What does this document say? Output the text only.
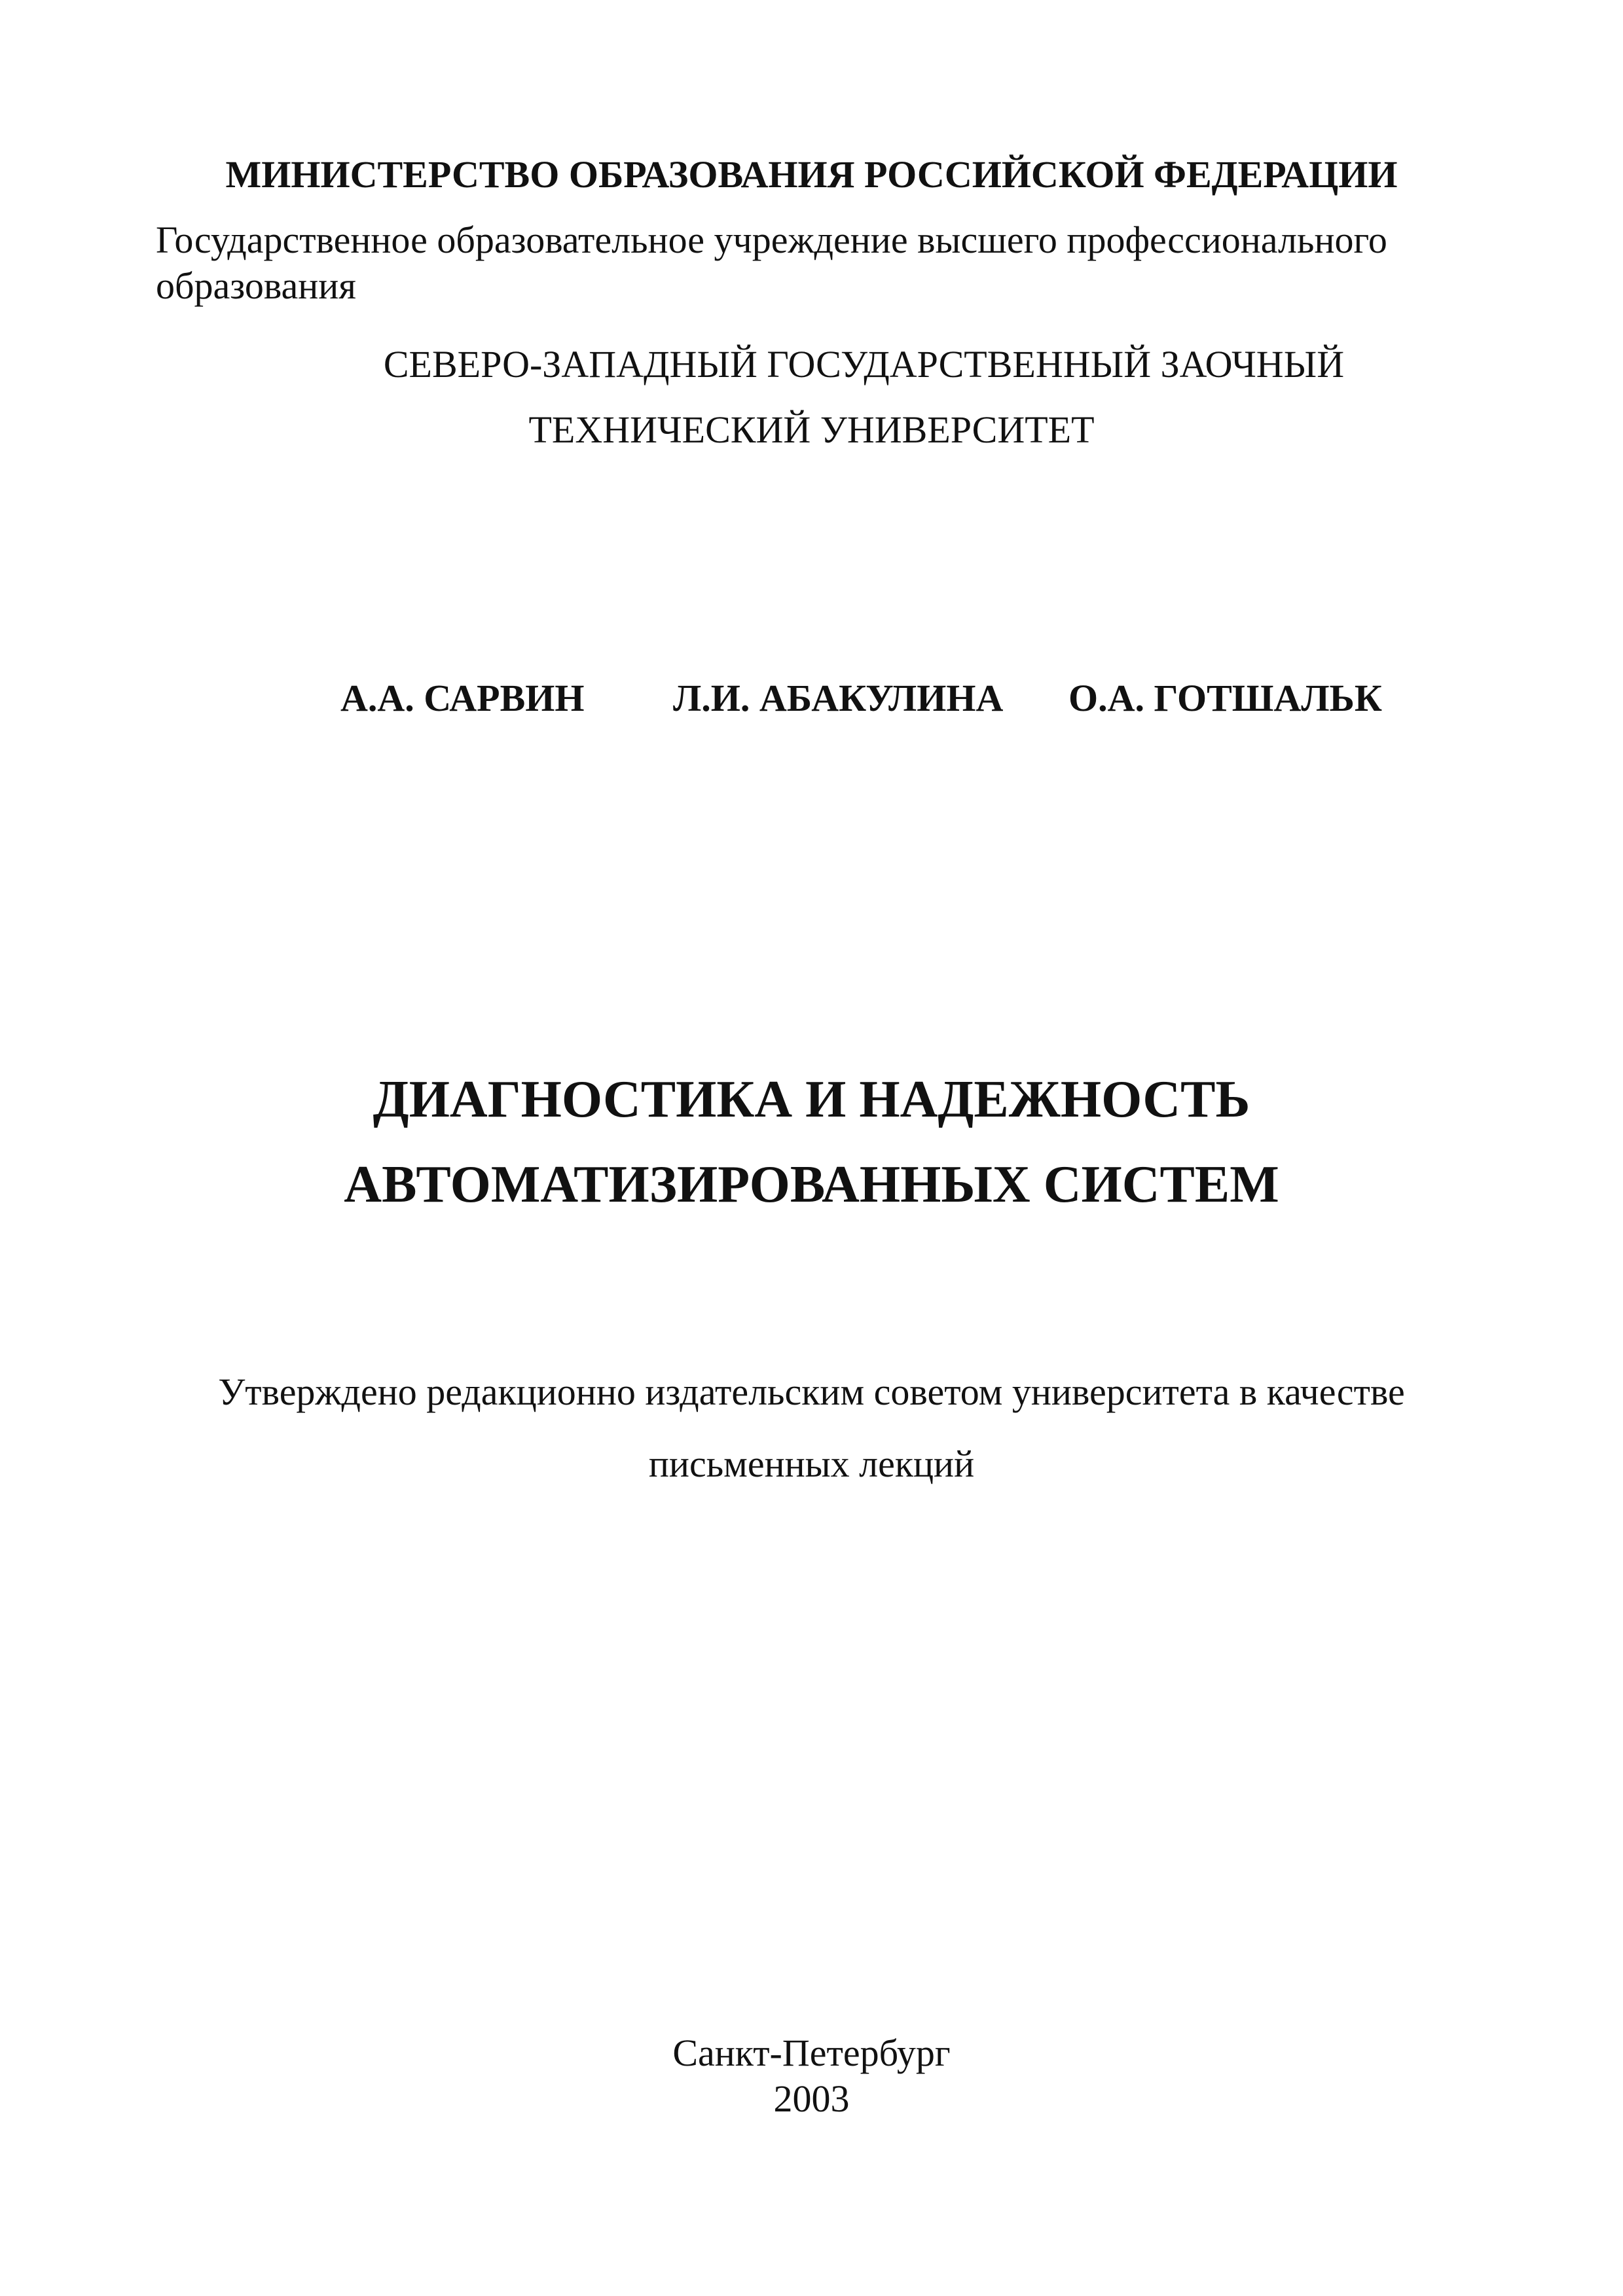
МИНИСТЕРСТВО ОБРАЗОВАНИЯ РОССИЙСКОЙ ФЕДЕРАЦИИ
Государственное образовательное учреждение высшего профессионального
образования
СЕВЕРО-ЗАПАДНЫЙ ГОСУДАРСТВЕННЫЙ ЗАОЧНЫЙ
ТЕХНИЧЕСКИЙ УНИВЕРСИТЕТ
А.А. САРВИН Л.И. АБАКУЛИНА О.А. ГОТШАЛЬК
ДИАГНОСТИКА И НАДЕЖНОСТЬ
АВТОМАТИЗИРОВАННЫХ СИСТЕМ
Утверждено редакционно издательским советом университета в качестве
письменных лекций
Санкт-Петербург
2003
